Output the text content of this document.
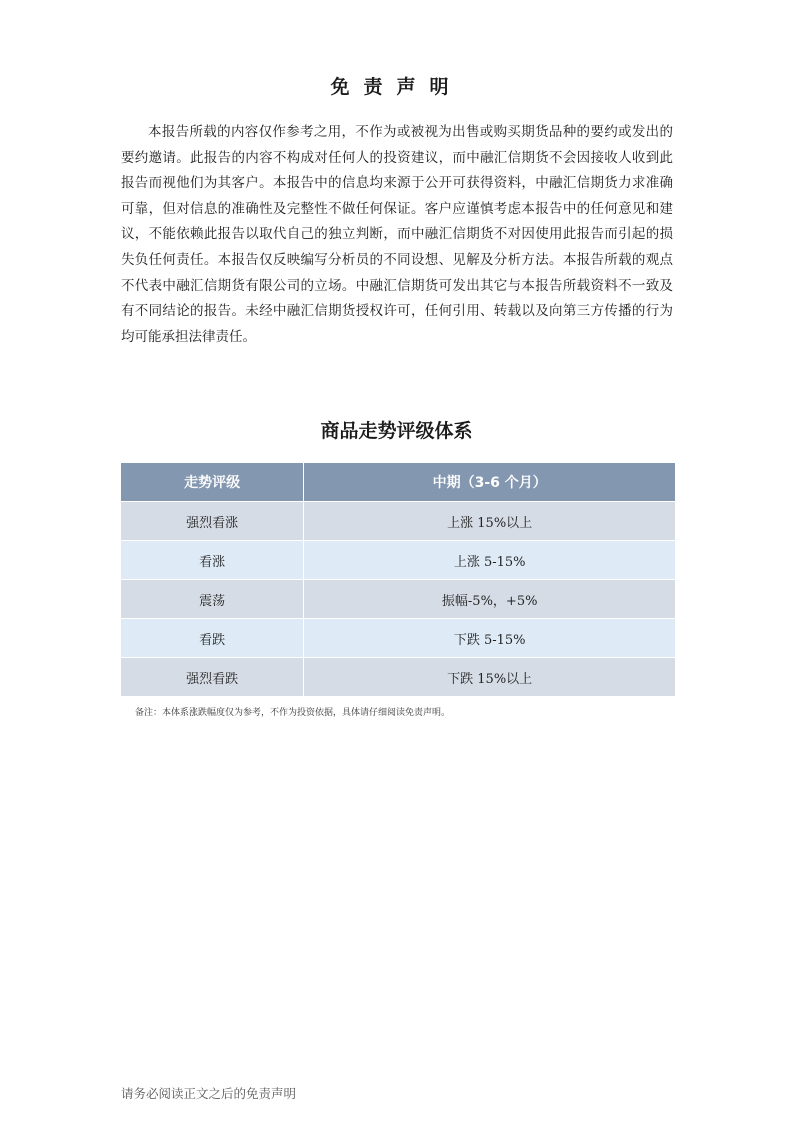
免责声明

本报告所载的内容仅作参考之用，不作为或被视为出售或购买期货品种的要约或发出的要约邀请。此报告的内容不构成对任何人的投资建议，而中融汇信期货不会因接收人收到此报告而视他们为其客户。本报告中的信息均来源于公开可获得资料，中融汇信期货力求准确可靠，但对信息的准确性及完整性不做任何保证。客户应谨慎考虑本报告中的任何意见和建议，不能依赖此报告以取代自己的独立判断，而中融汇信期货不对因使用此报告而引起的损失负任何责任。本报告仅反映编写分析员的不同设想、见解及分析方法。本报告所载的观点不代表中融汇信期货有限公司的立场。中融汇信期货可发出其它与本报告所载资料不一致及有不同结论的报告。未经中融汇信期货授权许可，任何引用、转载以及向第三方传播的行为均可能承担法律责任。

商品走势评级体系
走势评级	中期（3-6 个月）
强烈看涨	上涨 15%以上
看涨	上涨 5-15%
震荡	振幅-5%，+5%
看跌	下跌 5-15%
强烈看跌	下跌 15%以上
备注：本体系涨跌幅度仅为参考，不作为投资依据，具体请仔细阅读免责声明。
请务必阅读正文之后的免责声明
